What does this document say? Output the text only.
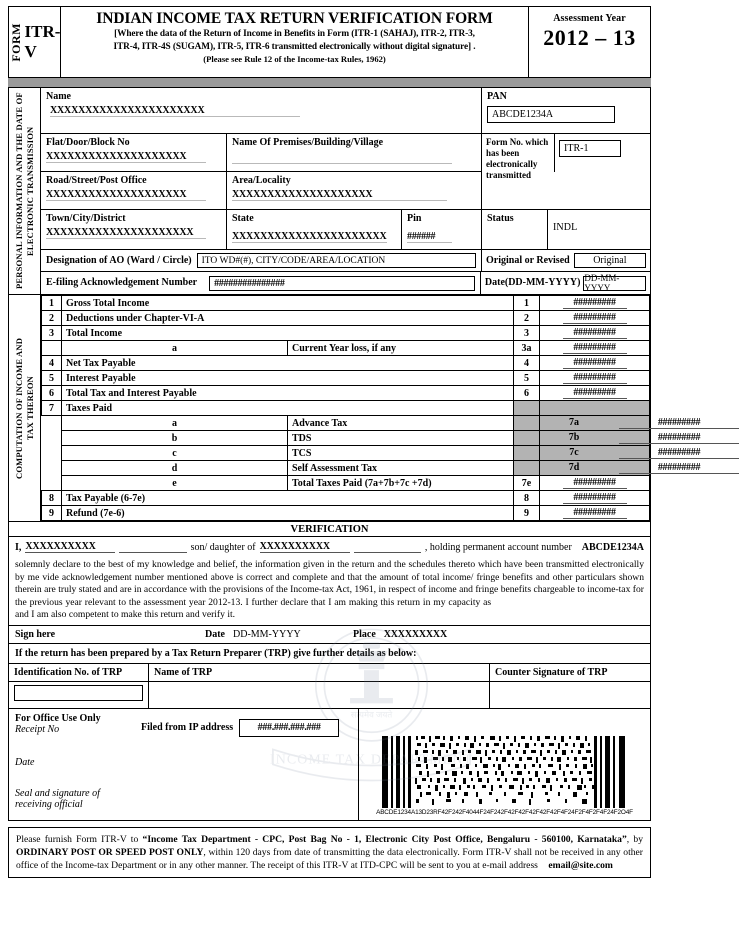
FORM ITR-V
INDIAN INCOME TAX RETURN VERIFICATION FORM
[Where the data of the Return of Income in Benefits in Form (ITR-1 (SAHAJ), ITR-2, ITR-3,
ITR-4, ITR-4S (SUGAM), ITR-5, ITR-6 transmitted electronically without digital signature] .
(Please see Rule 12 of the Income-tax Rules, 1962)
Assessment Year
2012 – 13
PERSONAL INFORMATION AND THE DATE OF ELECTRONIC TRANSMISSION
Name
XXXXXXXXXXXXXXXXXXXXXX
PAN
ABCDE1234A
Flat/Door/Block No
XXXXXXXXXXXXXXXXXXXX
Name Of Premises/Building/Village	Form No. which has been electronically transmitted
ITR-1
Road/Street/Post Office
XXXXXXXXXXXXXXXXXXXX
Area/Locality
XXXXXXXXXXXXXXXXXXXX
Town/City/District
XXXXXXXXXXXXXXXXXXXXX
State
XXXXXXXXXXXXXXXXXXXXXX
Pin
######
Status
INDL
Designation of AO (Ward / Circle)	ITO WD#(#), CITY/CODE/AREA/LOCATION	Original or Revised	Original
E-filing Acknowledgement Number	###############	Date(DD-MM-YYYY) DD-MM-YYYY
COMPUTATION OF INCOME AND TAX THEREON
सत्यमेव जयते
INCOME TAX DEPARTMENT
1	Gross Total Income		1	#########
2	Deductions under Chapter-VI-A		2	#########
3	Total Income		3	#########
	a	Current Year loss, if any	3a	#########
4	Net Tax Payable		4	#########
5	Interest Payable		5	#########
6	Total Tax and Interest Payable		6	#########
7	Taxes Paid			
	a	Advance Tax 7a #########		

	b	TDS 7b #########		

	c	TCS 7c #########		

	d	Self Assessment Tax 7d #########		

	e	Total Taxes Paid (7a+7b+7c +7d)	7e	#########
8	Tax Payable (6-7e)		8	#########
9	Refund (7e-6)		9	#########
VERIFICATION
I, XXXXXXXXXX	son/ daughter of XXXXXXXXXX	, holding permanent account number ABCDE1234A
solemnly declare to the best of my knowledge and belief, the information given in the return and the schedules thereto which have been transmitted electronically by me vide acknowledgement number mentioned above is correct and complete and that the amount of total income/ fringe benefits and other particulars shown therein are truly stated and are in accordance with the provisions of the Income-tax Act, 1961, in respect of income and fringe benefits chargeable to income-tax for the previous year relevant to the assessment year 2012-13. I further declare that I am making this return in my capacity as  and I am also competent to make this return and verify it.
Sign here	Date DD-MM-YYYY	Place XXXXXXXXX
If the return has been prepared by a Tax Return Preparer (TRP) give further details as below:
Identification No. of TRP	Name of TRP	Counter Signature of TRP
For Office Use Only
Receipt No
Date
Seal and signature of
receiving official
Filed from IP address	###.###.###.###
ABCDE1234A13D23RF42F242F4044F24F242F42F42F42F42F42F4F24F2F4F2F4F24F2O4F

Please furnish Form ITR-V to “Income Tax Department - CPC, Post Bag No - 1, Electronic City Post Office, Bengaluru - 560100, Karnataka”, by ORDINARY POST OR SPEED POST ONLY, within 120 days from date of transmitting the data electronically. Form ITR-V shall not be received in any other office of the Income-tax Department or in any other manner. The receipt of this ITR-V at ITD-CPC will be sent to you at e-mail address email@site.com
